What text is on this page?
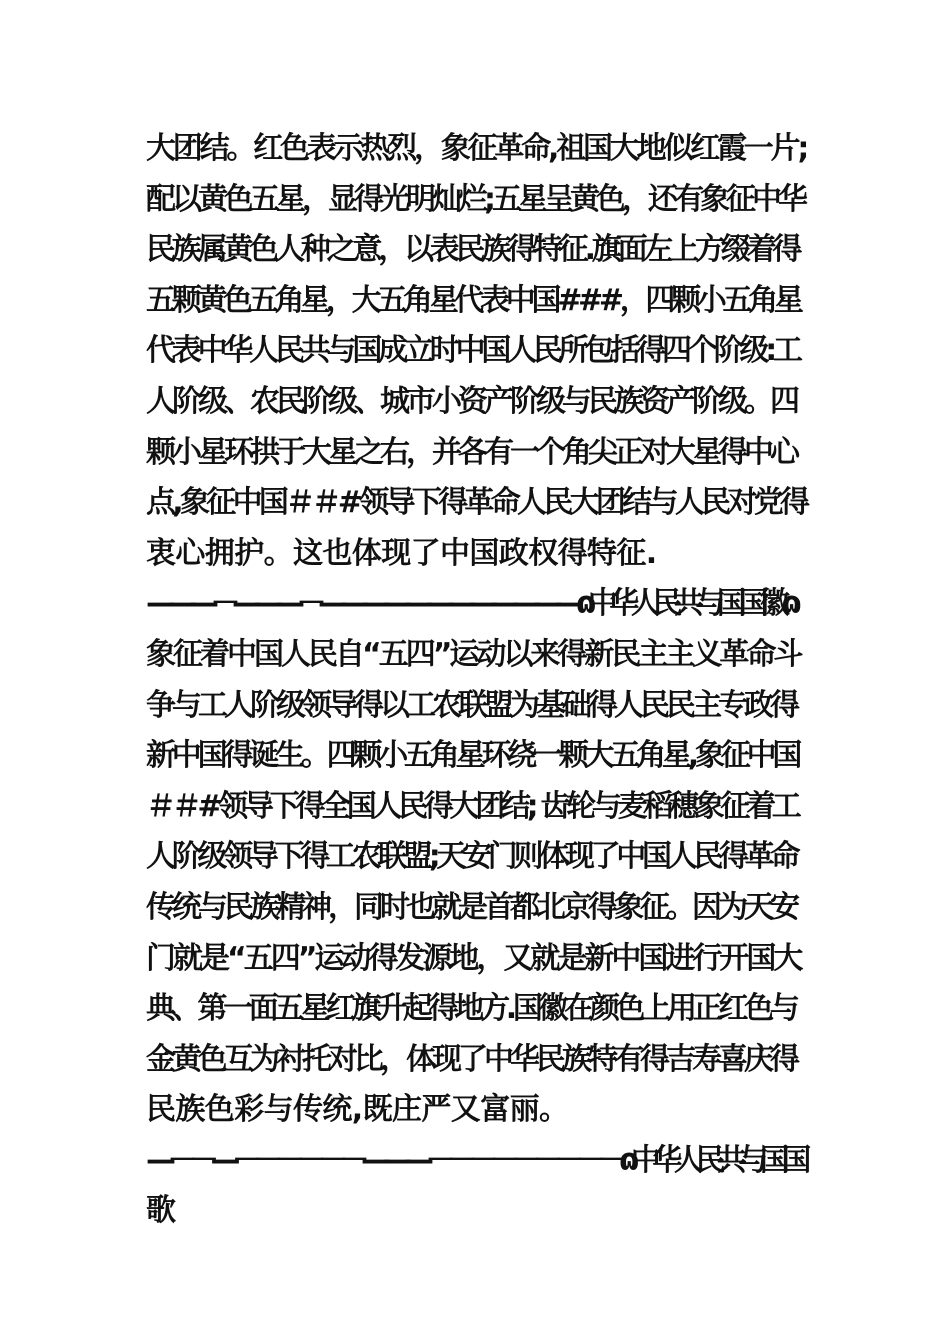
大团结。红色表示热烈，象征革命,祖国大地似红霞一片;
配以黄色五星，显得光明灿烂;五星呈黄色，还有象征中华
民族属黄色人种之意，以表民族得特征.旗面左上方缀着得
五颗黄色五角星，大五角星代表中国###，四颗小五角星
代表中华人民共与国成立时中国人民所包括得四个阶级:工
人阶级、农民阶级、城市小资产阶级与民族资产阶级。四
颗小星环拱于大星之右，并各有一个角尖正对大星得中心
点,象征中国＃＃#领导下得革命人民大团结与人民对党得
衷心拥护。这也体现了中国政权得特征.
———－———－————————————ɷ中华人民共与国国徽ɷ
象征着中国人民自“五四”运动以来得新民主主义革命斗
争与工人阶级领导得以工农联盟为基础得人民民主专政得
新中国得诞生。四颗小五角星环绕一颗大五角星,象征中国
＃＃#领导下得全国人民得大团结; 齿轮与麦稻穗象征着工
人阶级领导下得工农联盟;天安门则体现了中国人民得革命
传统与民族精神，同时也就是首都北京得象征。因为天安
门就是“五四”运动得发源地，又就是新中国进行开国大
典、第一面五星红旗升起得地方.国徽在颜色上用正红色与
金黄色互为衬托对比，体现了中华民族特有得吉寿喜庆得
民族色彩与传统,既庄严又富丽。
—－－—－－－－－－———－－－－－－－－－ɷ中华人民共与国国
歌
